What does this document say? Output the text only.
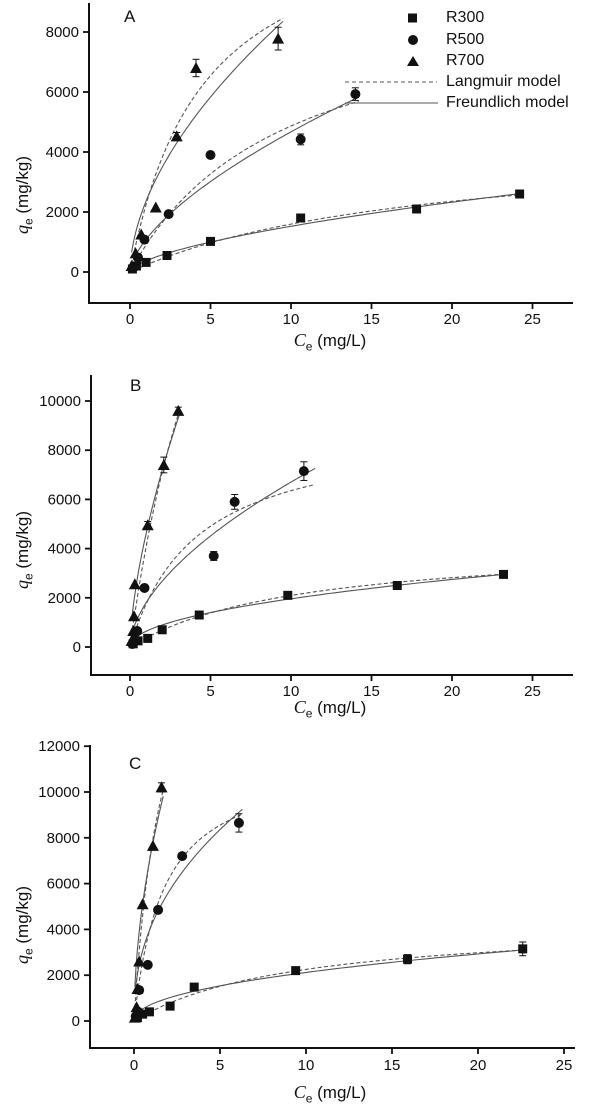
0	5	10	15	20	25
0
2000
4000
6000
8000
0	5	10	15	20	25
0
2000
4000
6000
8000
10000
0	5	10	15	20	25
0
2000
4000
6000
8000
10000
12000
A
B
C
$q_e$ (mg/kg)
$q_e$ (mg/kg)
$q_e$ (mg/kg)
$C_e$ (mg/L)
$C_e$ (mg/L)
$C_e$ (mg/L)
R300
R500
R700
Langmuir model
Freundlich model
